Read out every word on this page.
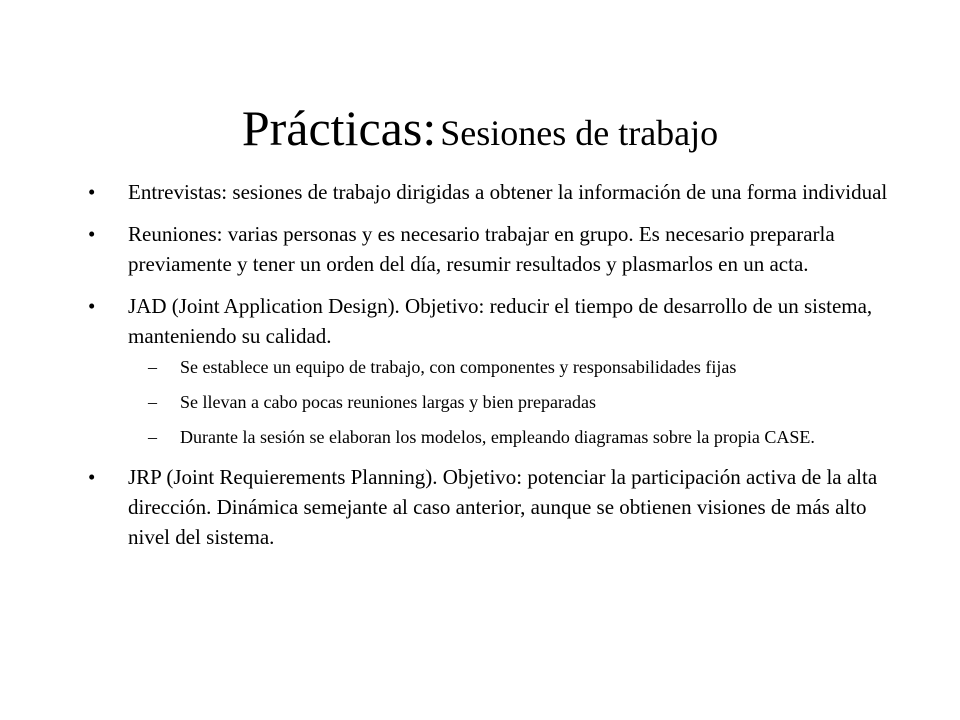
Prácticas: Sesiones de trabajo
• Entrevistas: sesiones de trabajo dirigidas a obtener la información de una forma individual
• Reuniones: varias personas y es necesario trabajar en grupo. Es necesario prepararla previamente y tener un orden del día, resumir resultados y plasmarlos en un acta.
• JAD (Joint Application Design). Objetivo: reducir el tiempo de desarrollo de un sistema, manteniendo su calidad.
– Se establece un equipo de trabajo, con componentes y responsabilidades fijas
– Se llevan a cabo pocas reuniones largas y bien preparadas
– Durante la sesión se elaboran los modelos, empleando diagramas sobre la propia CASE.
• JRP (Joint Requierements Planning). Objetivo: potenciar la participación activa de la alta dirección. Dinámica semejante al caso anterior, aunque se obtienen visiones de más alto nivel del sistema.
